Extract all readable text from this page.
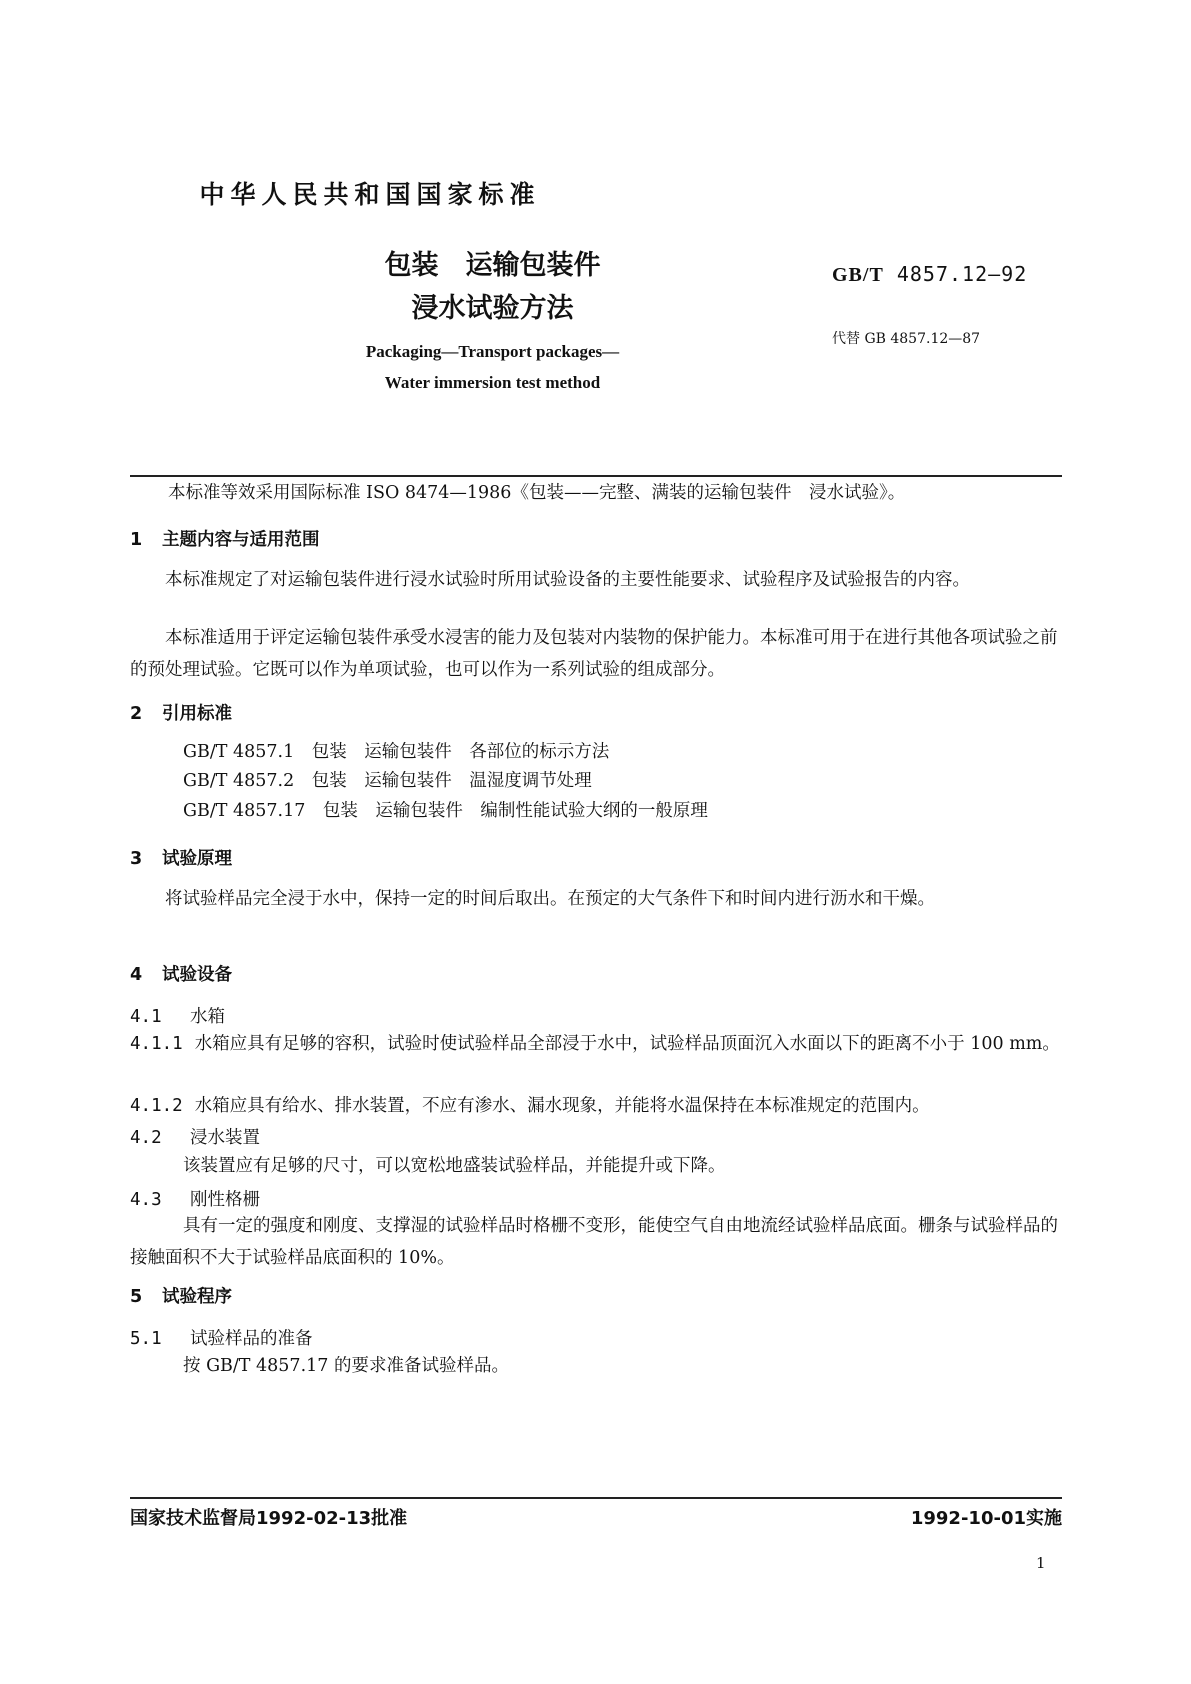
中华人民共和国国家标准
包装　运输包装件
浸水试验方法
GB/T 4857.12—92
代替 GB 4857.12—87
Packaging—Transport packages—
Water immersion test method
本标准等效采用国际标准 ISO 8474—1986《包装——完整、满装的运输包装件　浸水试验》。
1 主题内容与适用范围
本标准规定了对运输包装件进行浸水试验时所用试验设备的主要性能要求、试验程序及试验报告的内容。
本标准适用于评定运输包装件承受水浸害的能力及包装对内装物的保护能力。本标准可用于在进行其他各项试验之前的预处理试验。它既可以作为单项试验，也可以作为一系列试验的组成部分。
2 引用标准
GB/T 4857.1　包装　运输包装件　各部位的标示方法
GB/T 4857.2　包装　运输包装件　温湿度调节处理
GB/T 4857.17　包装　运输包装件　编制性能试验大纲的一般原理
3 试验原理
将试验样品完全浸于水中，保持一定的时间后取出。在预定的大气条件下和时间内进行沥水和干燥。
4 试验设备
4.1 水箱
4.1.1 水箱应具有足够的容积，试验时使试验样品全部浸于水中，试验样品顶面沉入水面以下的距离不小于 100 mm。
4.1.2 水箱应具有给水、排水装置，不应有渗水、漏水现象，并能将水温保持在本标准规定的范围内。
4.2 浸水装置
该装置应有足够的尺寸，可以宽松地盛装试验样品，并能提升或下降。
4.3 刚性格栅
具有一定的强度和刚度、支撑湿的试验样品时格栅不变形，能使空气自由地流经试验样品底面。栅条与试验样品的接触面积不大于试验样品底面积的 10%。
5 试验程序
5.1 试验样品的准备
按 GB/T 4857.17 的要求准备试验样品。
国家技术监督局1992-02-13批准	1992-10-01实施
1
